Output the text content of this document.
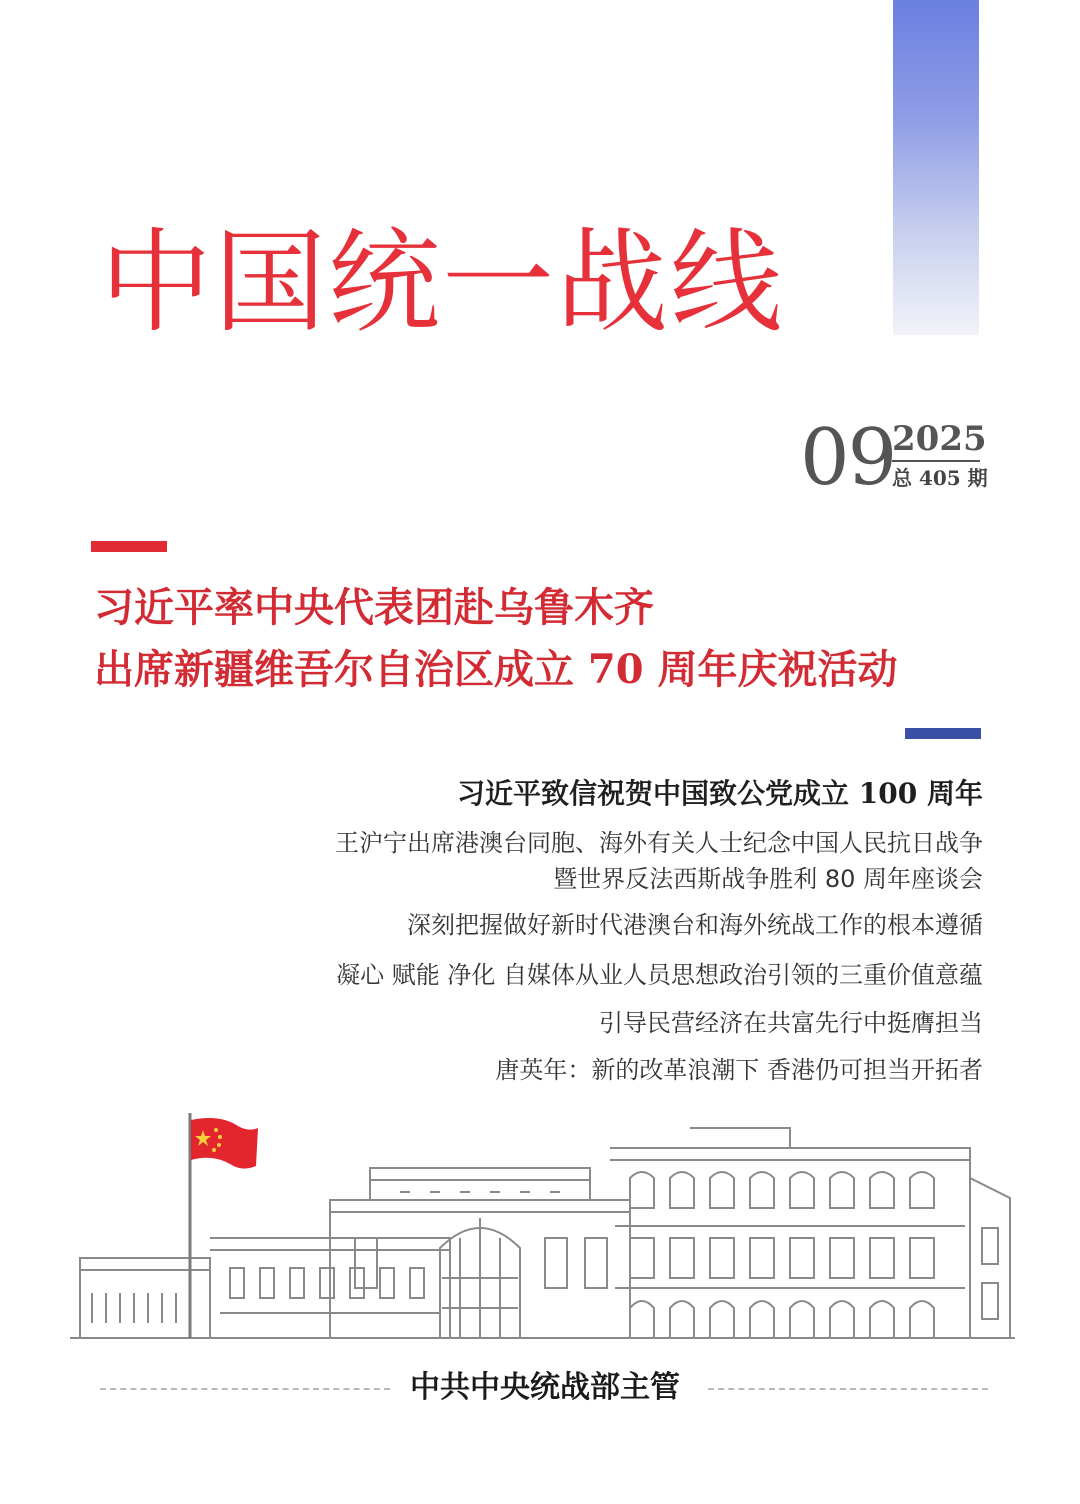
中国统一战线
09
2025
总 405 期
习近平率中央代表团赴乌鲁木齐
出席新疆维吾尔自治区成立 70 周年庆祝活动
习近平致信祝贺中国致公党成立 100 周年
王沪宁出席港澳台同胞、海外有关人士纪念中国人民抗日战争
暨世界反法西斯战争胜利 80 周年座谈会
深刻把握做好新时代港澳台和海外统战工作的根本遵循
凝心 赋能 净化 自媒体从业人员思想政治引领的三重价值意蕴
引导民营经济在共富先行中挺膺担当
唐英年：新的改革浪潮下 香港仍可担当开拓者
中共中央统战部主管
